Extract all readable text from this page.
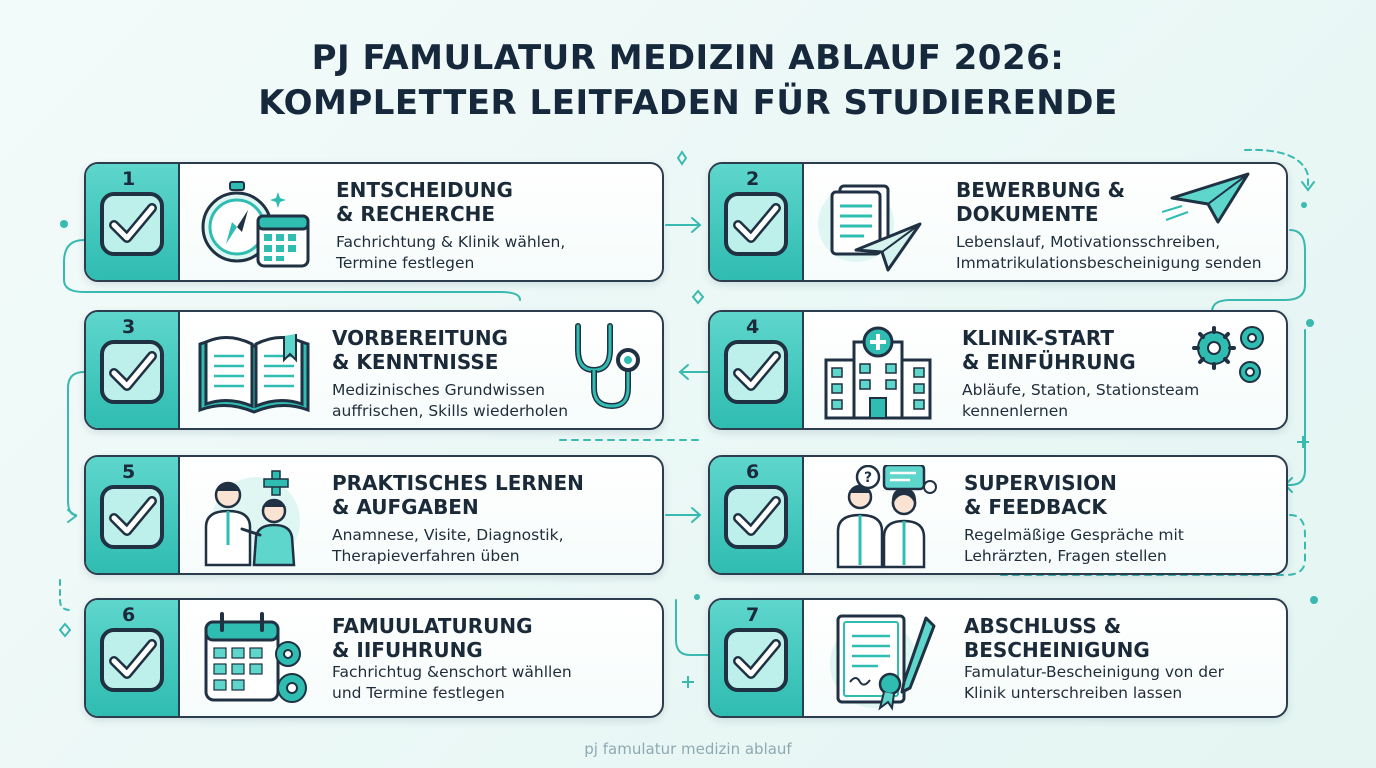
PJ FAMULATUR MEDIZIN ABLAUF 2026:
KOMPLETTER LEITFADEN FÜR STUDIERENDE
1	ENTSCHEIDUNG
& RECHERCHE
Fachrichtung & Klinik wählen,
Termine festlegen
2	BEWERBUNG &
DOKUMENTE
Lebenslauf, Motivationsschreiben,
Immatrikulationsbescheinigung senden
3	VORBEREITUNG
& KENNTNISSE
Medizinisches Grundwissen
auffrischen, Skills wiederholen
4	KLINIK-START
& EINFÜHRUNG
Abläufe, Station, Stationsteam
kennenlernen
5	PRAKTISCHES LERNEN
& AUFGABEN
Anamnese, Visite, Diagnostik,
Therapieverfahren üben
6	?	SUPERVISION
& FEEDBACK
Regelmäßige Gespräche mit
Lehrärzten, Fragen stellen
6	FAMUULATURUNG
& IIFUHRUNG
Fachrichtug &enschort wähllen
und Termine festlegen
7	ABSCHLUSS &
BESCHEINIGUNG
Famulatur-Bescheinigung von der
Klinik unterschreiben lassen
pj famulatur medizin ablauf
